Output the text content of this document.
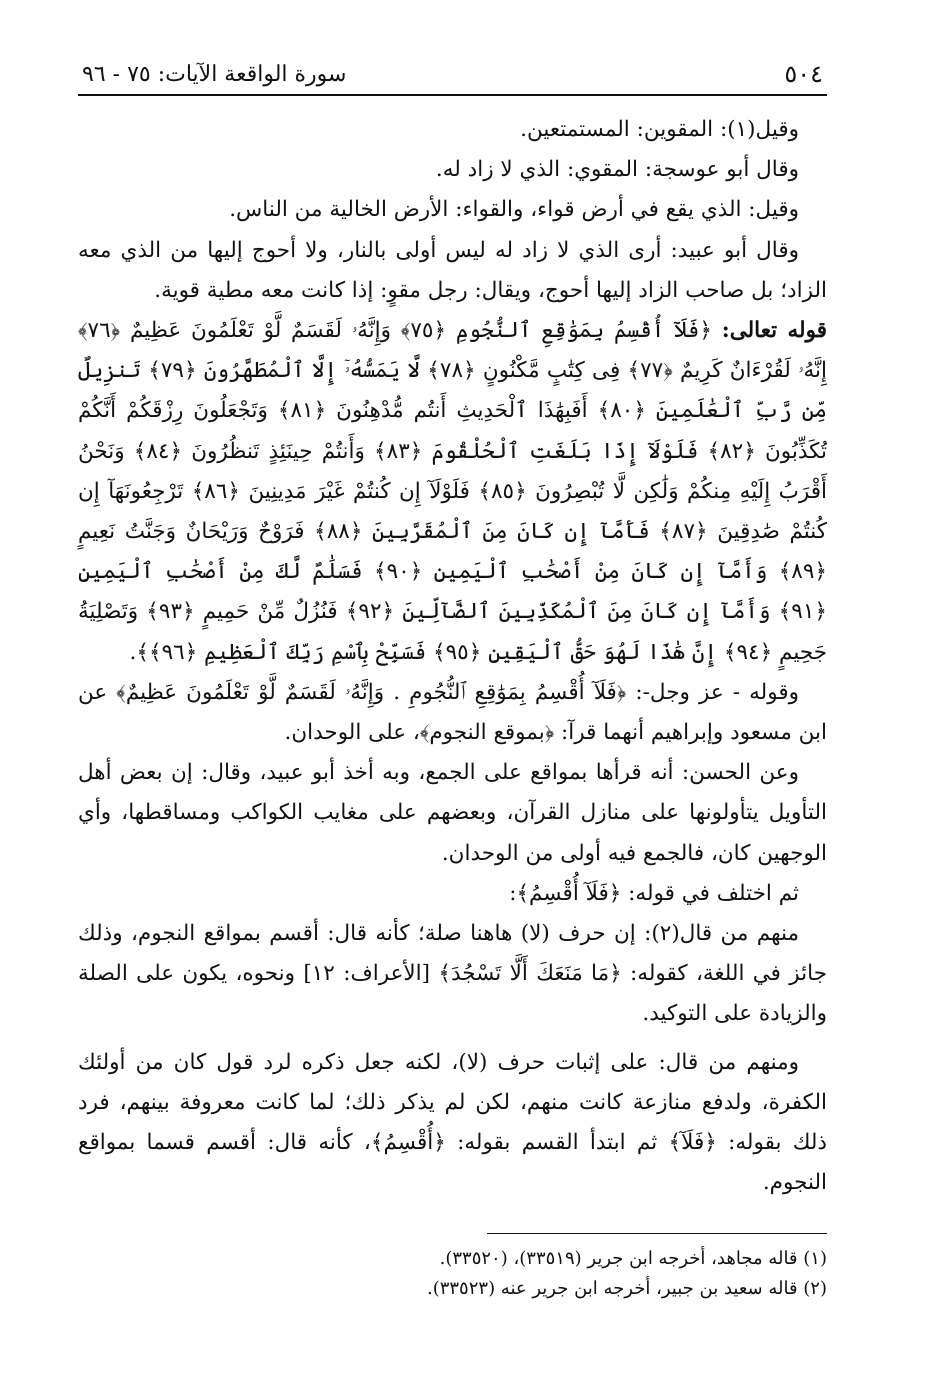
٥٠٤
سورة الواقعة الآيات: ٧٥ - ٩٦

وقيل(١): المقوين: المستمتعين.

وقال أبو عوسجة: المقوي: الذي لا زاد له.

وقيل: الذي يقع في أرض قواء، والقواء: الأرض الخالية من الناس.

وقال أبو عبيد: أرى الذي لا زاد له ليس أولى بالنار، ولا أحوج إليها من الذي معه الزاد؛ بل صاحب الزاد إليها أحوج، ويقال: رجل مقوٍ: إذا كانت معه مطية قوية.

قوله تعالى: ﴿فَلَآ أُقْسِمُ بِمَوَٰقِعِ ٱلنُّجُومِ ﴿٧٥﴾ وَإِنَّهُۥ لَقَسَمٌ لَّوْ تَعْلَمُونَ عَظِيمٌ ﴿٧٦﴾ إِنَّهُۥ لَقُرْءَانٌ كَرِيمٌ ﴿٧٧﴾ فِى كِتَٰبٍ مَّكْنُونٍ ﴿٧٨﴾ لَّا يَمَسُّهُۥٓ إِلَّا ٱلْمُطَهَّرُونَ ﴿٧٩﴾ تَنزِيلٌ مِّن رَّبِّ ٱلْعَٰلَمِينَ ﴿٨٠﴾ أَفَبِهَٰذَا ٱلْحَدِيثِ أَنتُم مُّدْهِنُونَ ﴿٨١﴾ وَتَجْعَلُونَ رِزْقَكُمْ أَنَّكُمْ تُكَذِّبُونَ ﴿٨٢﴾ فَلَوْلَآ إِذَا بَلَغَتِ ٱلْحُلْقُومَ ﴿٨٣﴾ وَأَنتُمْ حِينَئِذٍ تَنظُرُونَ ﴿٨٤﴾ وَنَحْنُ أَقْرَبُ إِلَيْهِ مِنكُمْ وَلَٰكِن لَّا تُبْصِرُونَ ﴿٨٥﴾ فَلَوْلَآ إِن كُنتُمْ غَيْرَ مَدِينِينَ ﴿٨٦﴾ تَرْجِعُونَهَآ إِن كُنتُمْ صَٰدِقِينَ ﴿٨٧﴾ فَأَمَّآ إِن كَانَ مِنَ ٱلْمُقَرَّبِينَ ﴿٨٨﴾ فَرَوْحٌ وَرَيْحَانٌ وَجَنَّتُ نَعِيمٍ ﴿٨٩﴾ وَأَمَّآ إِن كَانَ مِنْ أَصْحَٰبِ ٱلْيَمِينِ ﴿٩٠﴾ فَسَلَٰمٌ لَّكَ مِنْ أَصْحَٰبِ ٱلْيَمِينِ ﴿٩١﴾ وَأَمَّآ إِن كَانَ مِنَ ٱلْمُكَذِّبِينَ ٱلضَّآلِّينَ ﴿٩٢﴾ فَنُزُلٌ مِّنْ حَمِيمٍ ﴿٩٣﴾ وَتَصْلِيَةُ جَحِيمٍ ﴿٩٤﴾ إِنَّ هَٰذَا لَهُوَ حَقُّ ٱلْيَقِينِ ﴿٩٥﴾ فَسَبِّحْ بِٱسْمِ رَبِّكَ ٱلْعَظِيمِ ﴿٩٦﴾﴾.

وقوله - عز وجل-: ﴿فَلَآ أُقْسِمُ بِمَوَٰقِعِ ٱلنُّجُومِ . وَإِنَّهُۥ لَقَسَمٌ لَّوْ تَعْلَمُونَ عَظِيمٌ﴾ عن ابن مسعود وإبراهيم أنهما قرآ: ﴿بموقع النجوم﴾، على الوحدان.

وعن الحسن: أنه قرأها بمواقع على الجمع، وبه أخذ أبو عبيد، وقال: إن بعض أهل التأويل يتأولونها على منازل القرآن، وبعضهم على مغايب الكواكب ومساقطها، وأي الوجهين كان، فالجمع فيه أولى من الوحدان.

ثم اختلف في قوله: ﴿فَلَآ أُقْسِمُ﴾:

منهم من قال(٢): إن حرف (لا) هاهنا صلة؛ كأنه قال: أقسم بمواقع النجوم، وذلك جائز في اللغة، كقوله: ﴿مَا مَنَعَكَ أَلَّا تَسْجُدَ﴾ [الأعراف: ١٢] ونحوه، يكون على الصلة والزيادة على التوكيد.

ومنهم من قال: على إثبات حرف (لا)، لكنه جعل ذكره لرد قول كان من أولئك الكفرة، ولدفع منازعة كانت منهم، لكن لم يذكر ذلك؛ لما كانت معروفة بينهم، فرد ذلك بقوله: ﴿فَلَآ﴾ ثم ابتدأ القسم بقوله: ﴿أُقْسِمُ﴾، كأنه قال: أقسم قسما بمواقع النجوم.

(١) قاله مجاهد، أخرجه ابن جرير (٣٣٥١٩)، (٣٣٥٢٠).

(٢) قاله سعيد بن جبير، أخرجه ابن جرير عنه (٣٣٥٢٣).
